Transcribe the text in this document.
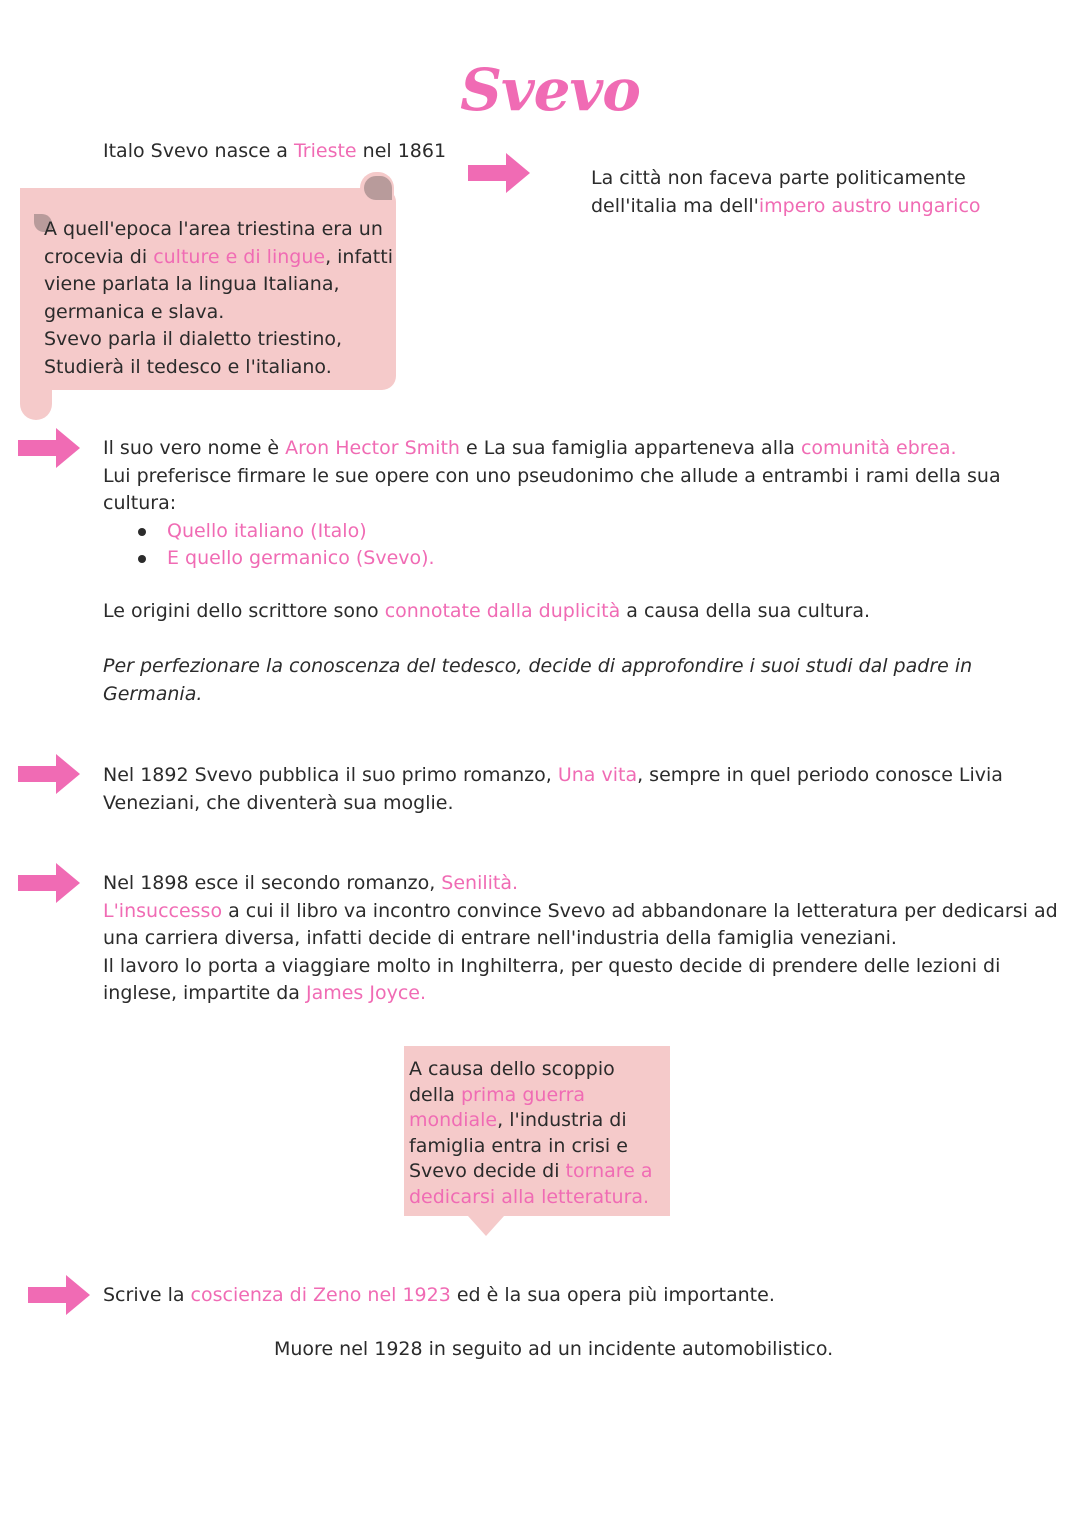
Svevo
Italo Svevo nasce a Trieste nel 1861
La città non faceva parte politicamente
dell'italia ma dell'impero austro ungarico
A quell'epoca l'area triestina era un
crocevia di culture e di lingue, infatti
viene parlata la lingua Italiana,
germanica e slava.
Svevo parla il dialetto triestino,
Studierà il tedesco e l'italiano.
Il suo vero nome è Aron Hector Smith e La sua famiglia apparteneva alla comunità ebrea.
Lui preferisce firmare le sue opere con uno pseudonimo che allude a entrambi i rami della sua
cultura:
Quello italiano (Italo)
E quello germanico (Svevo).
Le origini dello scrittore sono connotate dalla duplicità a causa della sua cultura.
Per perfezionare la conoscenza del tedesco, decide di approfondire i suoi studi dal padre in
Germania.
Nel 1892 Svevo pubblica il suo primo romanzo, Una vita, sempre in quel periodo conosce Livia
Veneziani, che diventerà sua moglie.
Nel 1898 esce il secondo romanzo, Senilità.
L'insuccesso a cui il libro va incontro convince Svevo ad abbandonare la letteratura per dedicarsi ad
una carriera diversa, infatti decide di entrare nell'industria della famiglia veneziani.
Il lavoro lo porta a viaggiare molto in Inghilterra, per questo decide di prendere delle lezioni di
inglese, impartite da James Joyce.
A causa dello scoppio
della prima guerra
mondiale, l'industria di
famiglia entra in crisi e
Svevo decide di tornare a
dedicarsi alla letteratura.
Scrive la coscienza di Zeno nel 1923 ed è la sua opera più importante.
Muore nel 1928 in seguito ad un incidente automobilistico.
